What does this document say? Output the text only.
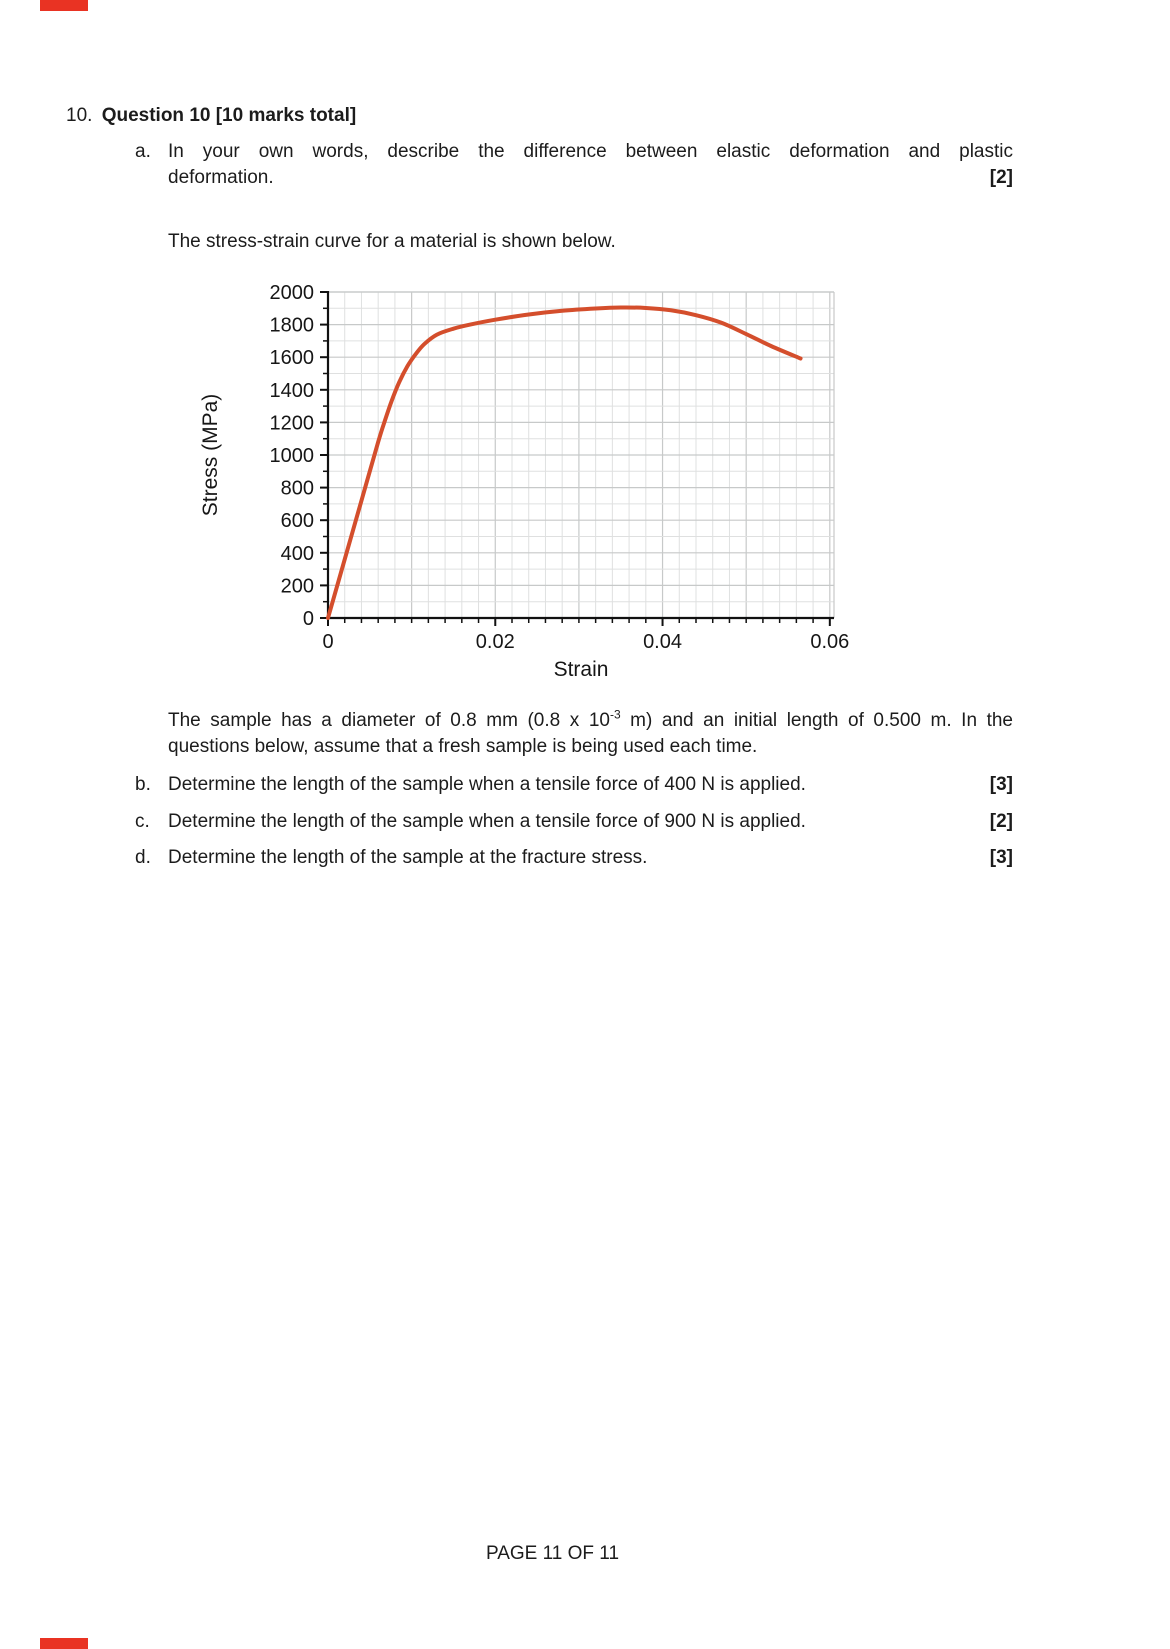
10. Question 10 [10 marks total]
a. In your own words, describe the difference between elastic deformation and plastic
deformation.	[2]
The stress-strain curve for a material is shown below.
0
200
400
600
800
1000
1200
1400
1600
1800
2000
0	0.02	0.04	0.06
Strain
Stress (MPa)
The sample has a diameter of 0.8 mm (0.8 x $10^{-3}$ m) and an initial length of 0.500 m. In the
questions below, assume that a fresh sample is being used each time.
b. Determine the length of the sample when a tensile force of 400 N is applied.	[3]
c. Determine the length of the sample when a tensile force of 900 N is applied.	[2]
d. Determine the length of the sample at the fracture stress.	[3]
PAGE 11 OF 11
